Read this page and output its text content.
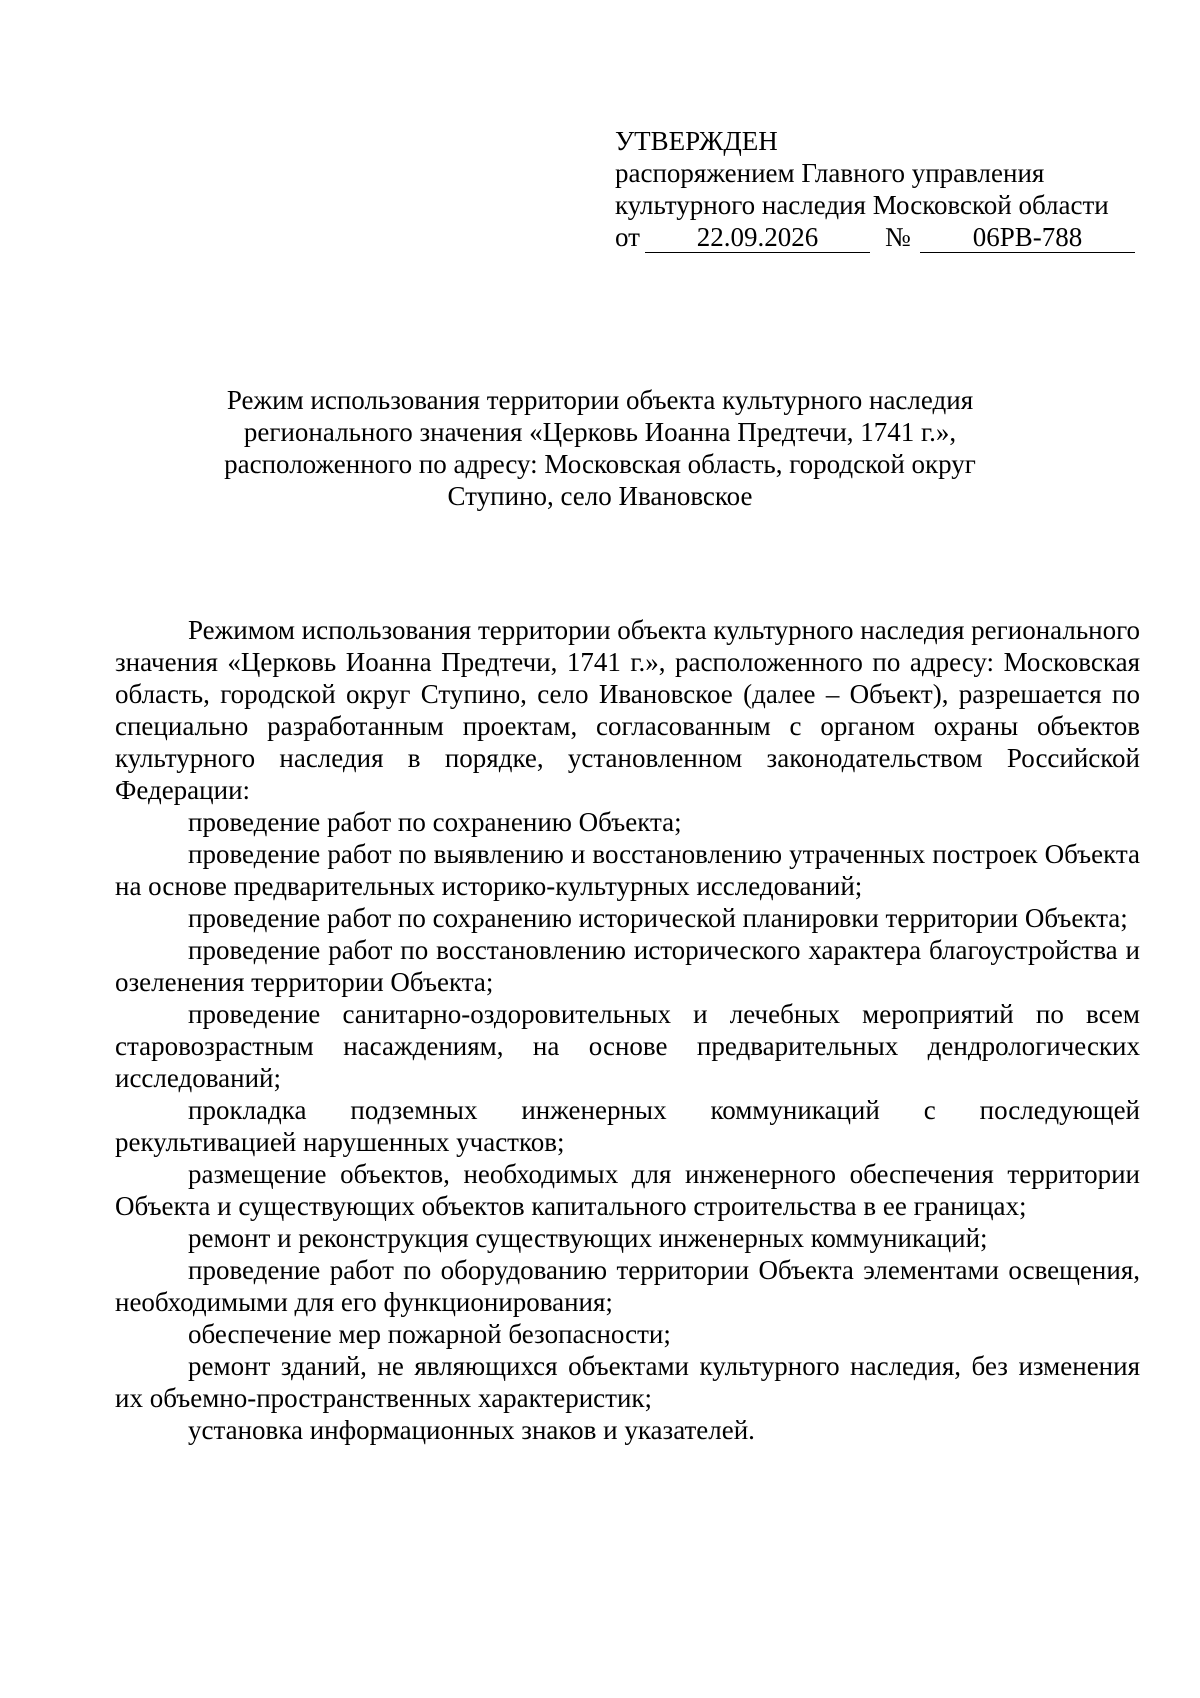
УТВЕРЖДЕН
распоряжением Главного управления
культурного наследия Московской области
от	22.09.2026	№	06РВ-788
Режим использования территории объекта культурного наследия
регионального значения «Церковь Иоанна Предтечи, 1741 г.»,
расположенного по адресу: Московская область, городской округ
Ступино, село Ивановское

Режимом использования территории объекта культурного наследия регионального значения «Церковь Иоанна Предтечи, 1741 г.», расположенного по адресу: Московская область, городской округ Ступино, село Ивановское (далее – Объект), разрешается по специально разработанным проектам, согласованным с органом охраны объектов культурного наследия в порядке, установленном законодательством Российской Федерации:

проведение работ по сохранению Объекта;

проведение работ по выявлению и восстановлению утраченных построек Объекта на основе предварительных историко-культурных исследований;

проведение работ по сохранению исторической планировки территории Объекта;

проведение работ по восстановлению исторического характера благоустройства и озеленения территории Объекта;

проведение санитарно-оздоровительных и лечебных мероприятий по всем старовозрастным насаждениям, на основе предварительных дендрологических исследований;

прокладка подземных инженерных коммуникаций с последующей рекультивацией нарушенных участков;

размещение объектов, необходимых для инженерного обеспечения территории Объекта и существующих объектов капитального строительства в ее границах;

ремонт и реконструкция существующих инженерных коммуникаций;

проведение работ по оборудованию территории Объекта элементами освещения, необходимыми для его функционирования;

обеспечение мер пожарной безопасности;

ремонт зданий, не являющихся объектами культурного наследия, без изменения их объемно-пространственных характеристик;

установка информационных знаков и указателей.
